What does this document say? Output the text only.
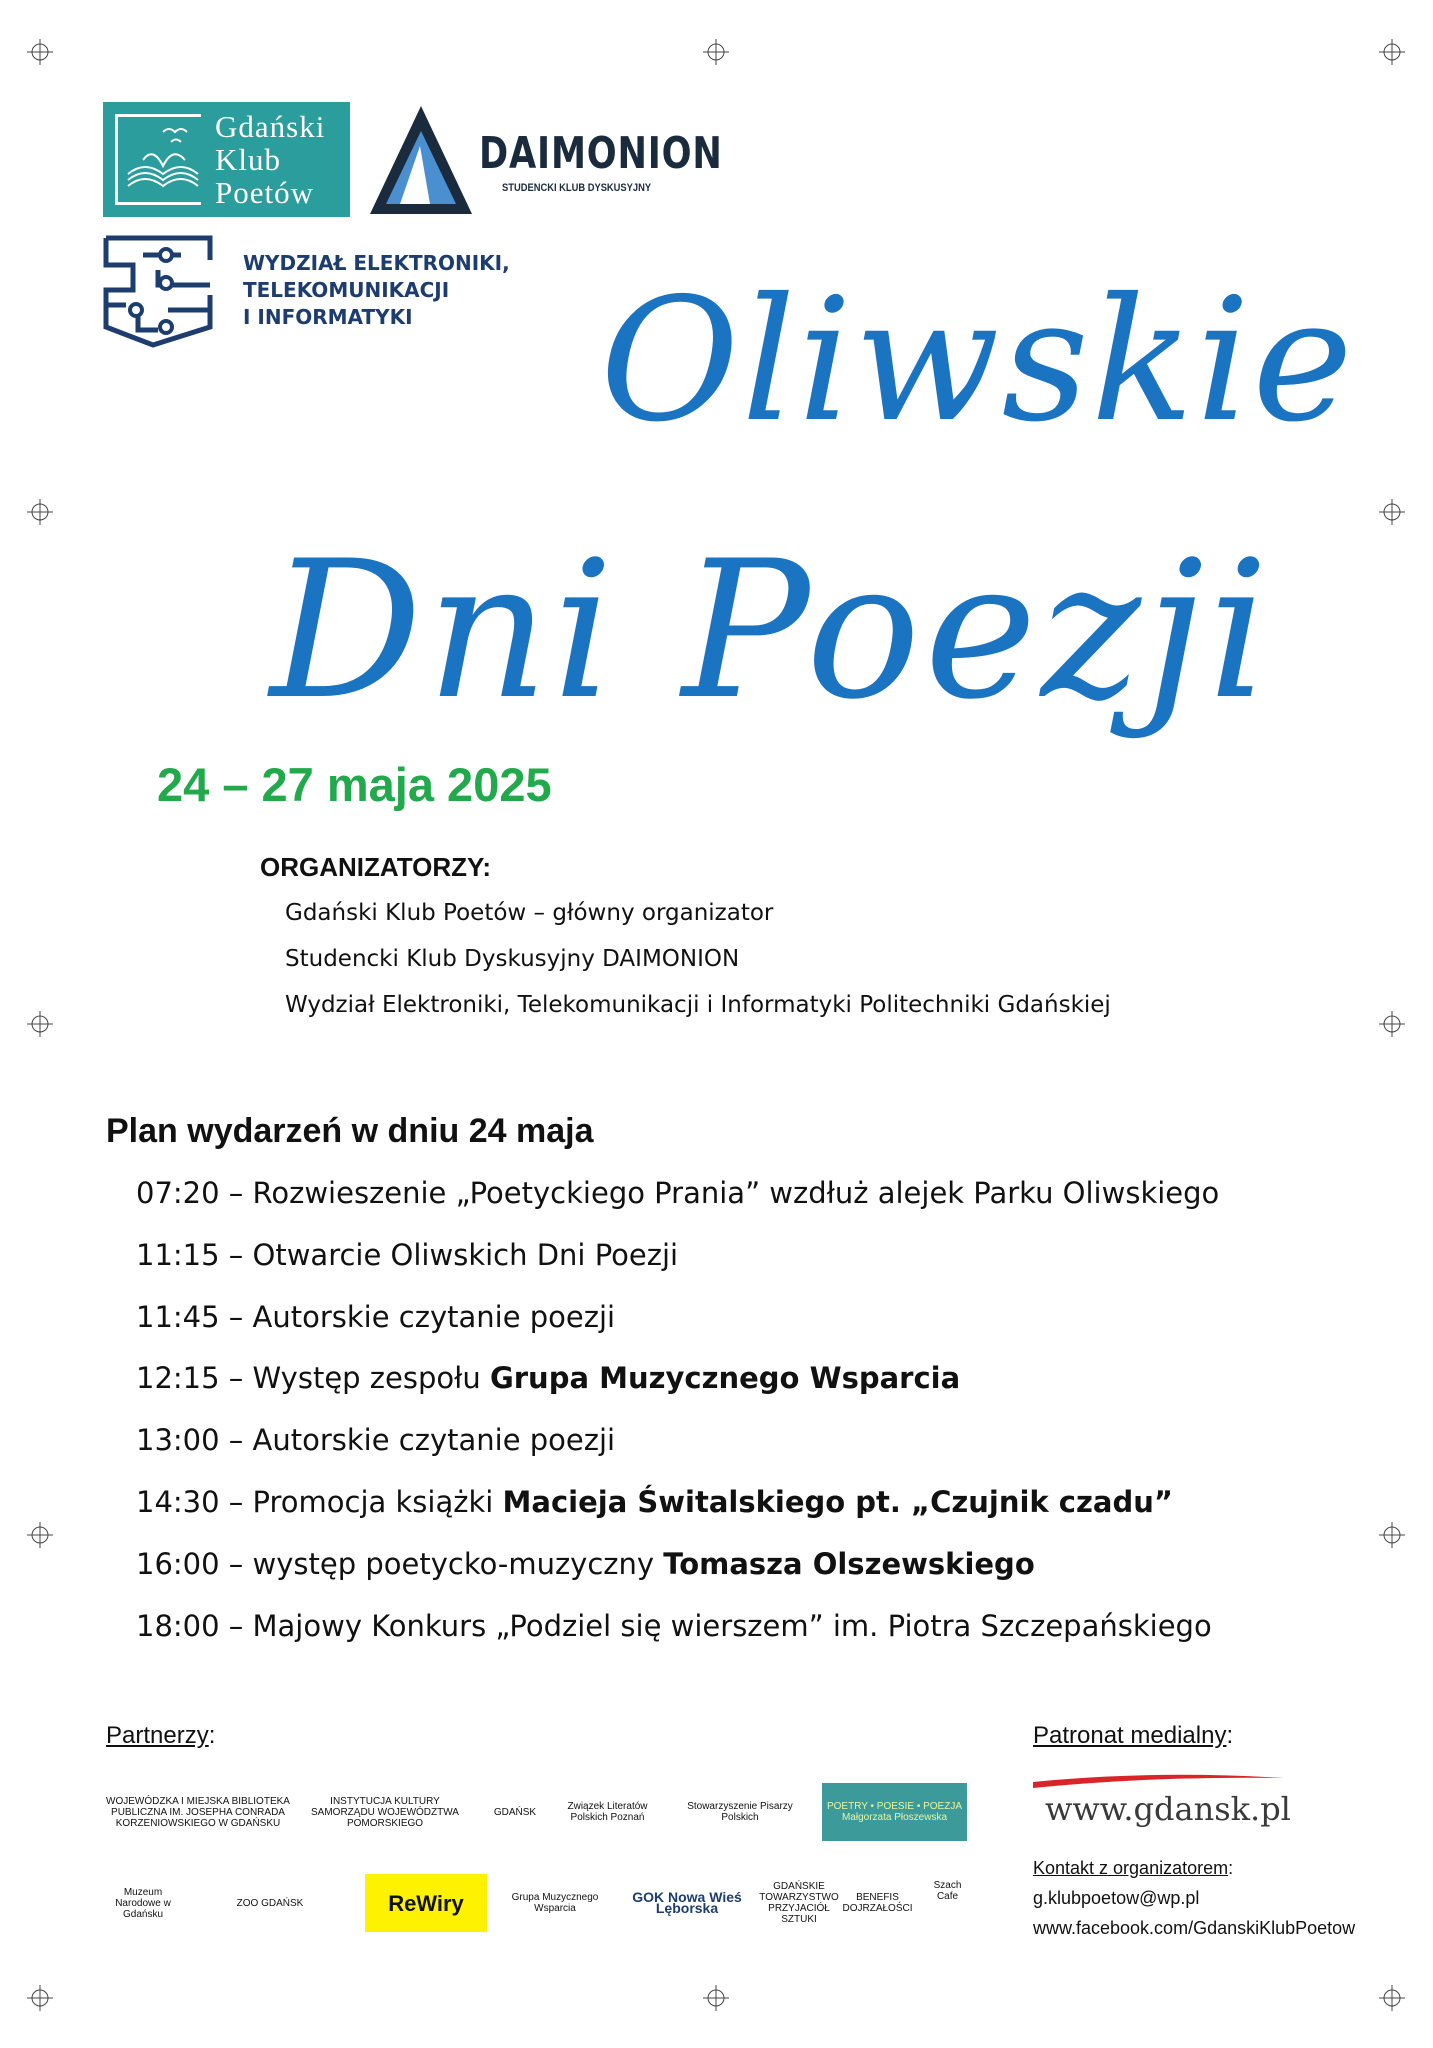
Gdański
Klub
Poetów
DAIMONION
STUDENCKI KLUB DYSKUSYJNY
WYDZIAŁ ELEKTRONIKI,
TELEKOMUNIKACJI
I INFORMATYKI	Oliwskie
Dni Poezji
24 – 27 maja 2025
ORGANIZATORZY:
Gdański Klub Poetów – główny organizator
Studencki Klub Dyskusyjny DAIMONION
Wydział Elektroniki, Telekomunikacji i Informatyki Politechniki Gdańskiej
Plan wydarzeń w dniu 24 maja
07:20 – Rozwieszenie „Poetyckiego Prania” wzdłuż alejek Parku Oliwskiego
11:15 – Otwarcie Oliwskich Dni Poezji
11:45 – Autorskie czytanie poezji
12:15 – Występ zespołu Grupa Muzycznego Wsparcia
13:00 – Autorskie czytanie poezji
14:30 – Promocja książki Macieja Świtalskiego pt. „Czujnik czadu”
16:00 – występ poetycko-muzyczny Tomasza Olszewskiego
18:00 – Majowy Konkurs „Podziel się wierszem” im. Piotra Szczepańskiego
Partnerzy:
WOJEWÓDZKA I MIEJSKA BIBLIOTEKA PUBLICZNA IM. JOSEPHA CONRADA KORZENIOWSKIEGO W GDAŃSKU
INSTYTUCJA KULTURY SAMORZĄDU WOJEWÓDZTWA POMORSKIEGO
GDAŃSK	Związek Literatów Polskich Poznań
Stowarzyszenie Pisarzy Polskich
POETRY • POESIE • POEZJA Małgorzata Płoszewska
Muzeum Narodowe w Gdańsku
ZOO GDAŃSK	ReWiry	Grupa Muzycznego Wsparcia
GOK Nowa Wieś Lęborska
GDAŃSKIE TOWARZYSTWO PRZYJACIÓŁ SZTUKI
BENEFIS DOJRZAŁOŚCI
Szach Cafe
Patronat medialny:
www.gdansk.pl
Kontakt z organizatorem:
g.klubpoetow@wp.pl
www.facebook.com/GdanskiKlubPoetow
